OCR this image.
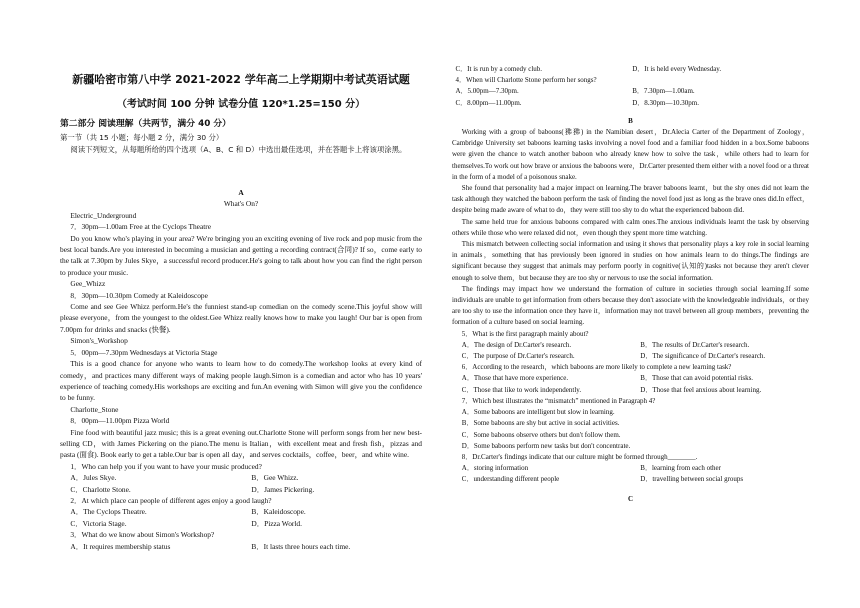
新疆哈密市第八中学 2021-2022 学年高二上学期期中考试英语试题
（考试时间 100 分钟 试卷分值 120*1.25=150 分）
第二部分 阅读理解（共两节，满分 40 分）

第一节（共 15 小题；每小题 2 分，满分 30 分）

阅读下列短文，从每题所给的四个选项（A、B、C 和 D）中选出最佳选项，并在答题卡上将该项涂黑。

A

What's On?

Electric_Underground

7．30pm—1.00am Free at the Cyclops Theatre

Do you know who's playing in your area? We're bringing you an exciting evening of live rock and pop music from the best local bands.Are you interested in becoming a musician and getting a recording contract(合同)? If so，come early to the talk at 7.30pm by Jules Skye，a successful record producer.He's going to talk about how you can find the right person to produce your music.

Gee_Whizz

8．30pm—10.30pm Comedy at Kaleidoscope

Come and see Gee Whizz perform.He's the funniest stand-up comedian on the comedy scene.This joyful show will please everyone，from the youngest to the oldest.Gee Whizz really knows how to make you laugh! Our bar is open from 7.00pm for drinks and snacks (快餐).

Simon's_Workshop

5．00pm—7.30pm Wednesdays at Victoria Stage

This is a good chance for anyone who wants to learn how to do comedy.The workshop looks at every kind of comedy，and practices many different ways of making people laugh.Simon is a comedian and actor who has 10 years' experience of teaching comedy.His workshops are exciting and fun.An evening with Simon will give you the confidence to be funny.

Charlotte_Stone

8．00pm—11.00pm Pizza World

Fine food with beautiful jazz music; this is a great evening out.Charlotte Stone will perform songs from her new best-selling CD，with James Pickering on the piano.The menu is Italian，with excellent meat and fresh fish，pizzas and pasta (面食). Book early to get a table.Our bar is open all day，and serves cocktails，coffee，beer，and white wine.

1．Who can help you if you want to have your music produced?

A．Jules Skye.	B．Gee Whizz.
C．Charlotte Stone.	D．James Pickering.

2．At which place can people of different ages enjoy a good laugh?

A．The Cyclops Theatre.	B．Kaleidoscope.
C．Victoria Stage.	D．Pizza World.

3．What do we know about Simon's Workshop?

A．It requires membership status	B．It lasts three hours each time.
C．It is run by a comedy club.	D．It is held every Wednesday.

4．When will Charlotte Stone perform her songs?

A．5.00pm—7.30pm.	B．7.30pm—1.00am.
C．8.00pm—11.00pm.	D．8.30pm—10.30pm.

B

Working with a group of baboons(狒狒) in the Namibian desert，Dr.Alecia Carter of the Department of Zoology，Cambridge University set baboons learning tasks involving a novel food and a familiar food hidden in a box.Some baboons were given the chance to watch another baboon who already knew how to solve the task，while others had to learn for themselves.To work out how brave or anxious the baboons were，Dr.Carter presented them either with a novel food or a threat in the form of a model of a poisonous snake.

She found that personality had a major impact on learning.The braver baboons learnt，but the shy ones did not learn the task although they watched the baboon perform the task of finding the novel food just as long as the brave ones did.In effect，despite being made aware of what to do，they were still too shy to do what the experienced baboon did.

The same held true for anxious baboons compared with calm ones.The anxious individuals learnt the task by observing others while those who were relaxed did not，even though they spent more time watching.

This mismatch between collecting social information and using it shows that personality plays a key role in social learning in animals，something that has previously been ignored in studies on how animals learn to do things.The findings are significant because they suggest that animals may perform poorly in cognitive(认知的)tasks not because they aren't clever enough to solve them，but because they are too shy or nervous to use the social information.

The findings may impact how we understand the formation of culture in societies through social learning.If some individuals are unable to get information from others because they don't associate with the knowledgeable individuals，or they are too shy to use the information once they have it，information may not travel between all group members，preventing the formation of a culture based on social learning.

5．What is the first paragraph mainly about?

A．The design of Dr.Carter's research.	B．The results of Dr.Carter's research.
C．The purpose of Dr.Carter's research.	D．The significance of Dr.Carter's research.

6．According to the research，which baboons are more likely to complete a new learning task?

A．Those that have more experience.	B．Those that can avoid potential risks.
C．Those that like to work independently.	D．Those that feel anxious about learning.

7．Which best illustrates the “mismatch” mentioned in Paragraph 4?

A．Some baboons are intelligent but slow in learning.

B．Some baboons are shy but active in social activities.

C．Some baboons observe others but don't follow them.

D．Some baboons perform new tasks but don't concentrate.

8．Dr.Carter's findings indicate that our culture might be formed through________.

A．storing information	B．learning from each other
C．understanding different people	D．travelling between social groups

C
